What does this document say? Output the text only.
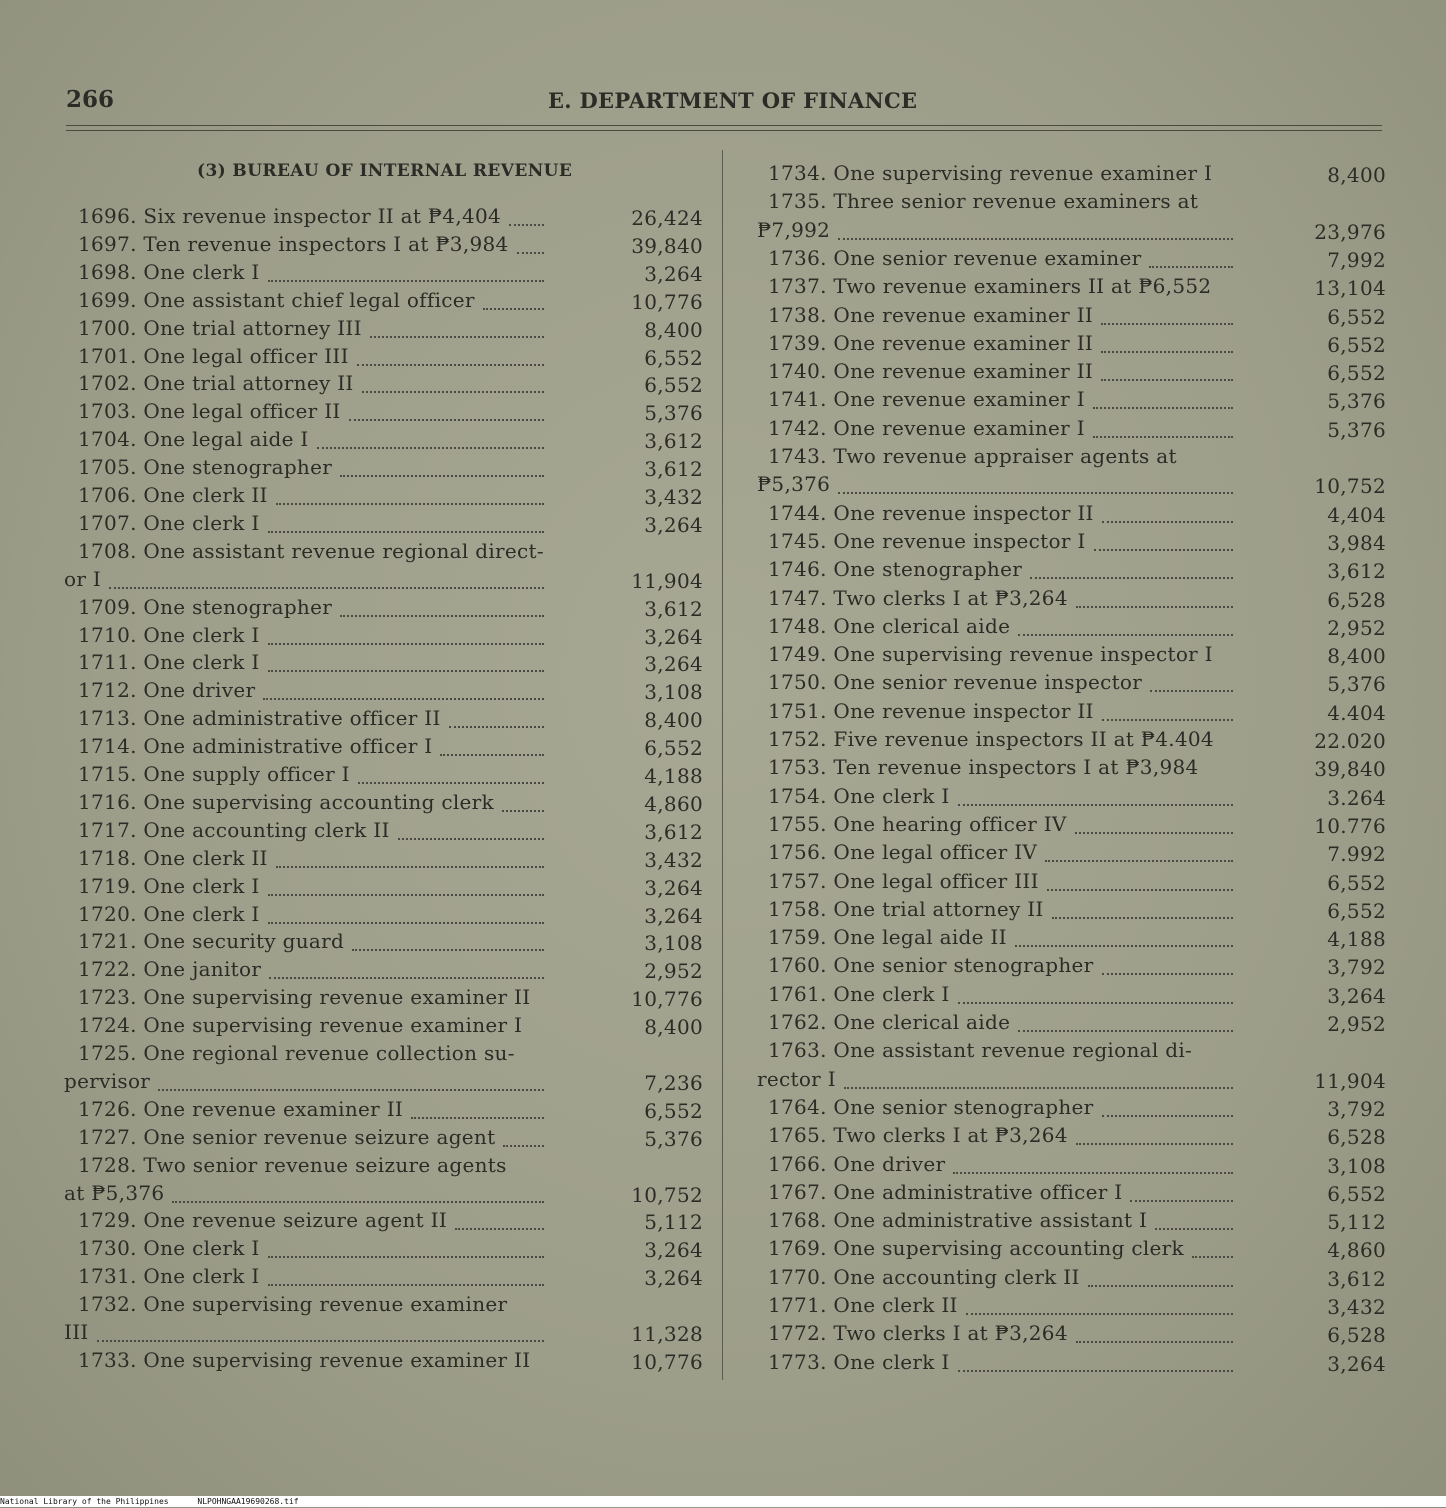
266	E. DEPARTMENT OF FINANCE
(3) BUREAU OF INTERNAL REVENUE
1696. Six revenue inspector II at ₱4,404	26,424
1697. Ten revenue inspectors I at ₱3,984	39,840
1698. One clerk I	3,264
1699. One assistant chief legal officer	10,776
1700. One trial attorney III	8,400
1701. One legal officer III	6,552
1702. One trial attorney II	6,552
1703. One legal officer II	5,376
1704. One legal aide I	3,612
1705. One stenographer	3,612
1706. One clerk II	3,432
1707. One clerk I	3,264
1708. One assistant revenue regional direct-
or I	11,904
1709. One stenographer	3,612
1710. One clerk I	3,264
1711. One clerk I	3,264
1712. One driver	3,108
1713. One administrative officer II	8,400
1714. One administrative officer I	6,552
1715. One supply officer I	4,188
1716. One supervising accounting clerk	4,860
1717. One accounting clerk II	3,612
1718. One clerk II	3,432
1719. One clerk I	3,264
1720. One clerk I	3,264
1721. One security guard	3,108
1722. One janitor	2,952
1723. One supervising revenue examiner II	10,776
1724. One supervising revenue examiner I	8,400
1725. One regional revenue collection su-
pervisor	7,236
1726. One revenue examiner II	6,552
1727. One senior revenue seizure agent	5,376
1728. Two senior revenue seizure agents
at ₱5,376	10,752
1729. One revenue seizure agent II	5,112
1730. One clerk I	3,264
1731. One clerk I	3,264
1732. One supervising revenue examiner
III	11,328
1733. One supervising revenue examiner II	10,776
1734. One supervising revenue examiner I	8,400
1735. Three senior revenue examiners at
₱7,992	23,976
1736. One senior revenue examiner	7,992
1737. Two revenue examiners II at ₱6,552	13,104
1738. One revenue examiner II	6,552
1739. One revenue examiner II	6,552
1740. One revenue examiner II	6,552
1741. One revenue examiner I	5,376
1742. One revenue examiner I	5,376
1743. Two revenue appraiser agents at
₱5,376	10,752
1744. One revenue inspector II	4,404
1745. One revenue inspector I	3,984
1746. One stenographer	3,612
1747. Two clerks I at ₱3,264	6,528
1748. One clerical aide	2,952
1749. One supervising revenue inspector I	8,400
1750. One senior revenue inspector	5,376
1751. One revenue inspector II	4.404
1752. Five revenue inspectors II at ₱4.404	22.020
1753. Ten revenue inspectors I at ₱3,984	39,840
1754. One clerk I	3.264
1755. One hearing officer IV	10.776
1756. One legal officer IV	7.992
1757. One legal officer III	6,552
1758. One trial attorney II	6,552
1759. One legal aide II	4,188
1760. One senior stenographer	3,792
1761. One clerk I	3,264
1762. One clerical aide	2,952
1763. One assistant revenue regional di-
rector I	11,904
1764. One senior stenographer	3,792
1765. Two clerks I at ₱3,264	6,528
1766. One driver	3,108
1767. One administrative officer I	6,552
1768. One administrative assistant I	5,112
1769. One supervising accounting clerk	4,860
1770. One accounting clerk II	3,612
1771. One clerk II	3,432
1772. Two clerks I at ₱3,264	6,528
1773. One clerk I	3,264
National Library of the Philippines	NLPOHNGAA19690268.tif
